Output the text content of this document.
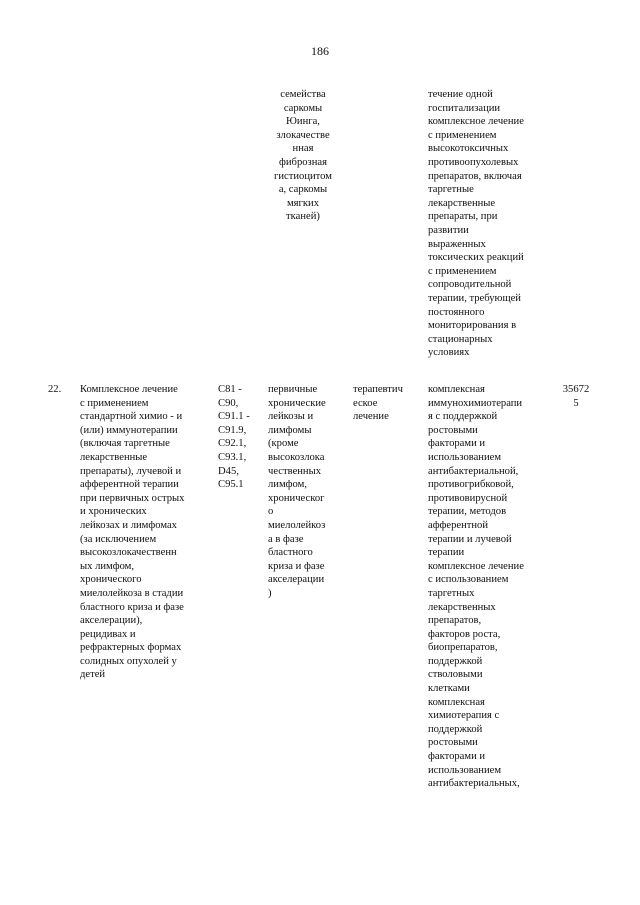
186
семейства
саркомы
Юинга,
злокачестве
нная
фиброзная
гистиоцитом
а, саркомы
мягких
тканей)
течение одной
госпитализации
комплексное лечение
с применением
высокотоксичных
противоопухолевых
препаратов, включая
таргетные
лекарственные
препараты, при
развитии
выраженных
токсических реакций
с применением
сопроводительной
терапии, требующей
постоянного
мониторирования в
стационарных
условиях
22.	Комплексное лечение
с применением
стандартной химио - и
(или) иммунотерапии
(включая таргетные
лекарственные
препараты), лучевой и
афферентной терапии
при первичных острых
и хронических
лейкозах и лимфомах
(за исключением
высокозлокачественн
ых лимфом,
хронического
миелолейкоза в стадии
бластного криза и фазе
акселерации),
рецидивах и
рефрактерных формах
солидных опухолей у
детей
C81 -
C90,
C91.1 -
C91.9,
C92.1,
C93.1,
D45,
C95.1
первичные
хронические
лейкозы и
лимфомы
(кроме
высокозлока
чественных
лимфом,
хроническог
о
миелолейкоз
а в фазе
бластного
криза и фазе
акселерации
)
терапевтич
еское
лечение
комплексная
иммунохимиотерапи
я с поддержкой
ростовыми
факторами и
использованием
антибактериальной,
противогрибковой,
противовирусной
терапии, методов
афферентной
терапии и лучевой
терапии
комплексное лечение
с использованием
таргетных
лекарственных
препаратов,
факторов роста,
биопрепаратов,
поддержкой
стволовыми
клетками
комплексная
химиотерапия с
поддержкой
ростовыми
факторами и
использованием
антибактериальных,
35672
5
